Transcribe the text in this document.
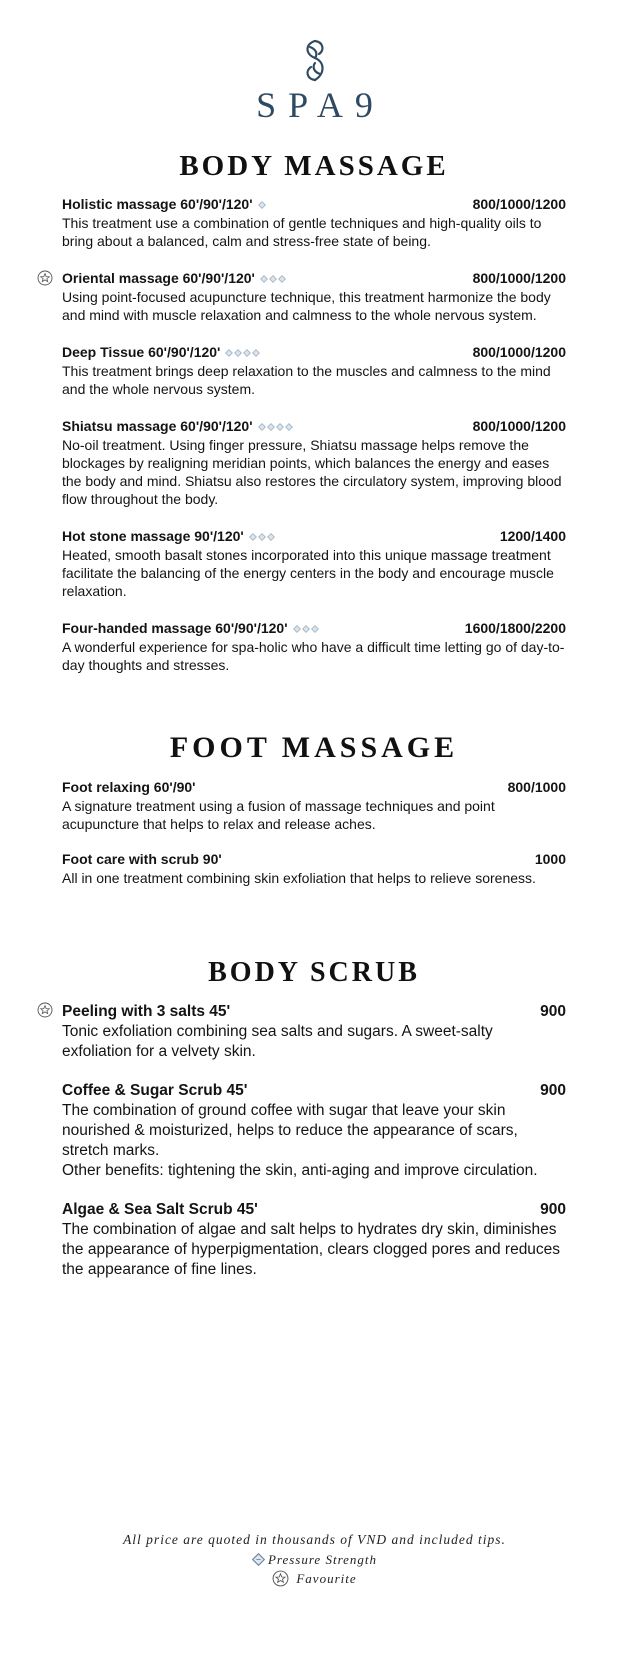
SPA9
BODY MASSAGE
Holistic massage 60'/90'/120'	800/1000/1200

This treatment use a combination of gentle techniques and high-quality oils to bring about a balanced, calm and stress-free state of being.

Oriental massage 60'/90'/120'	800/1000/1200

Using point-focused acupuncture technique, this treatment harmonize the body and mind with muscle relaxation and calmness to the whole nervous system.

Deep Tissue 60'/90'/120'	800/1000/1200

This treatment brings deep relaxation to the muscles and calmness to the mind and the whole nervous system.

Shiatsu massage 60'/90'/120'	800/1000/1200

No-oil treatment. Using finger pressure, Shiatsu massage helps remove the blockages by realigning meridian points, which balances the energy and eases the body and mind. Shiatsu also restores the circulatory system, improving blood flow throughout the body.

Hot stone massage 90'/120'	1200/1400

Heated, smooth basalt stones incorporated into this unique massage treatment facilitate the balancing of the energy centers in the body and encourage muscle relaxation.

Four-handed massage 60'/90'/120'	1600/1800/2200

A wonderful experience for spa-holic who have a difficult time letting go of day-to-day thoughts and stresses.

FOOT MASSAGE
Foot relaxing 60'/90'	800/1000

A signature treatment using a fusion of massage techniques and point acupuncture that helps to relax and release aches.

Foot care with scrub 90'	1000

All in one treatment combining skin exfoliation that helps to relieve soreness.

BODY SCRUB
Peeling with 3 salts 45'	900

Tonic exfoliation combining sea salts and sugars. A sweet-salty exfoliation for a velvety skin.

Coffee & Sugar Scrub 45'	900

The combination of ground coffee with sugar that leave your skin nourished & moisturized, helps to reduce the appearance of scars, stretch marks.

Other benefits: tightening the skin, anti-aging and improve circulation.

Algae & Sea Salt Scrub 45'	900

The combination of algae and salt helps to hydrates dry skin, diminishes the appearance of hyperpigmentation, clears clogged pores and reduces the appearance of fine lines.

All price are quoted in thousands of VND and included tips.
Pressure Strength
Favourite
